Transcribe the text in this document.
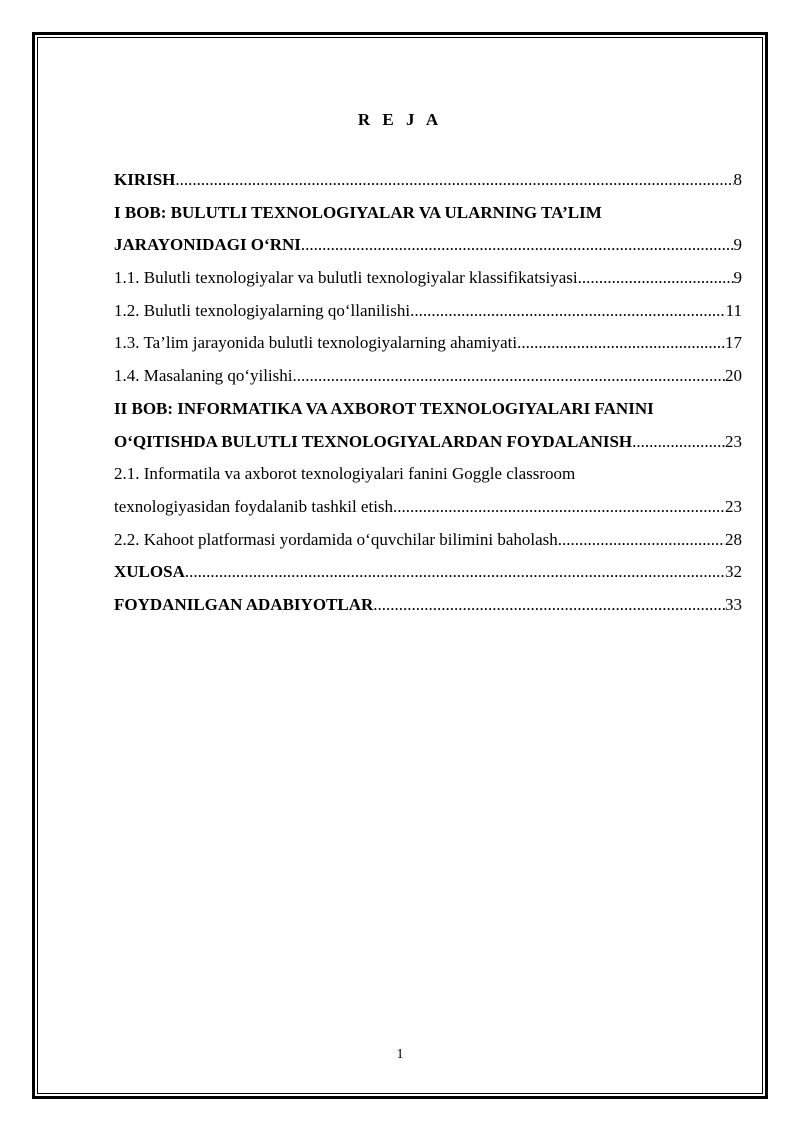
R E J A
KIRISH .....	8
I BOB: BULUTLI TEXNOLOGIYALAR VA ULARNING TA’LIM
JARAYONIDAGI O‘RNI .....	9
1.1. Bulutli texnologiyalar va bulutli texnologiyalar klassifikatsiyasi .....	9
1.2. Bulutli texnologiyalarning qo‘llanilishi .....	11
1.3. Ta’lim jarayonida bulutli texnologiyalarning ahamiyati .....	17
1.4. Masalaning qo‘yilishi .....	20
II BOB: INFORMATIKA VA AXBOROT TEXNOLOGIYALARI FANINI
O‘QITISHDA BULUTLI TEXNOLOGIYALARDAN FOYDALANISH .....	23
2.1. Informatila va axborot texnologiyalari fanini Goggle classroom
texnologiyasidan foydalanib tashkil etish .....	23
2.2. Kahoot platformasi yordamida o‘quvchilar bilimini baholash .....	28
XULOSA .....	32
FOYDANILGAN ADABIYOTLAR .....	33
1
